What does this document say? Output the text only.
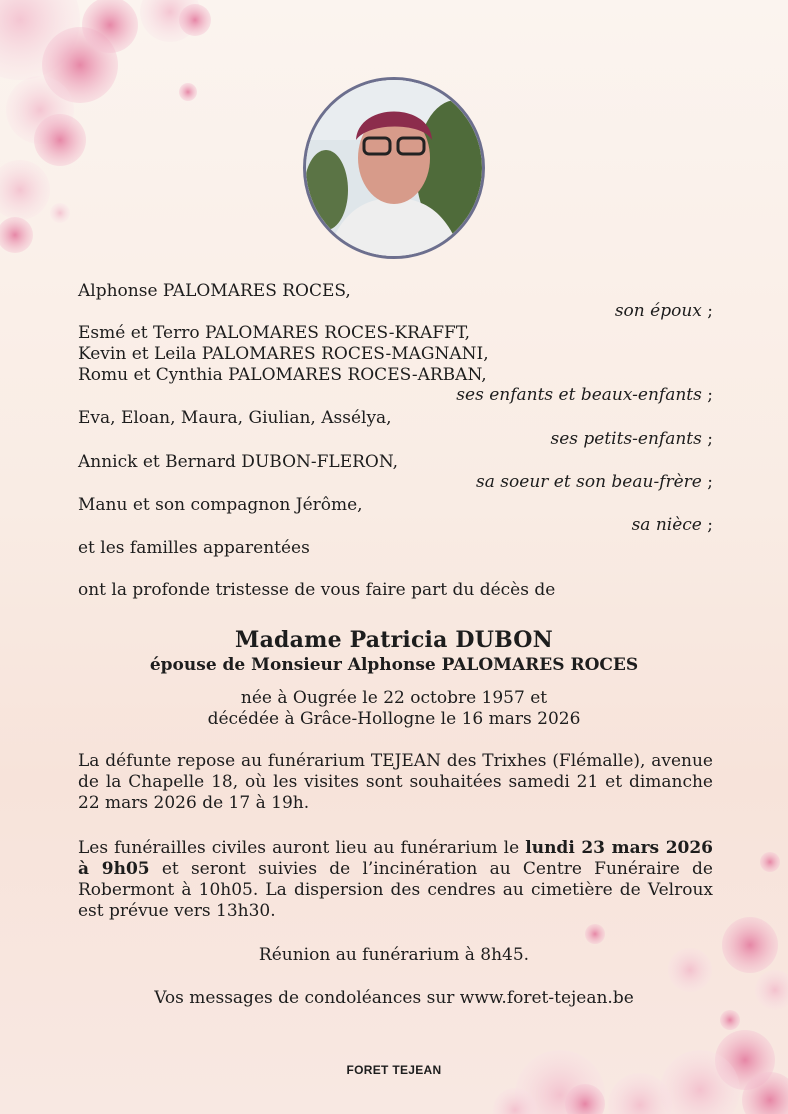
Alphonse PALOMARES ROCES,
son époux ;
Esmé et Terro PALOMARES ROCES-KRAFFT,
Kevin et Leila PALOMARES ROCES-MAGNANI,
Romu et Cynthia PALOMARES ROCES-ARBAN,
ses enfants et beaux-enfants ;
Eva, Eloan, Maura, Giulian, Assélya,
ses petits-enfants ;
Annick et Bernard DUBON-FLERON,
sa soeur et son beau-frère ;
Manu et son compagnon Jérôme,
sa nièce ;
et les familles apparentées
ont la profonde tristesse de vous faire part du décès de
Madame Patricia DUBON
épouse de Monsieur Alphonse PALOMARES ROCES
née à Ougrée le 22 octobre 1957 et
décédée à Grâce-Hollogne le 16 mars 2026
La défunte repose au funérarium TEJEAN des Trixhes (Flémalle), avenue de la Chapelle 18, où les visites sont souhaitées samedi 21 et dimanche 22 mars 2026 de 17 à 19h.
Les funérailles civiles auront lieu au funérarium le lundi 23 mars 2026 à 9h05 et seront suivies de l’incinération au Centre Funéraire de Robermont à 10h05. La dispersion des cendres au cimetière de Velroux est prévue vers 13h30.
Réunion au funérarium à 8h45.
Vos messages de condoléances sur www.foret-tejean.be
FORET TEJEAN
